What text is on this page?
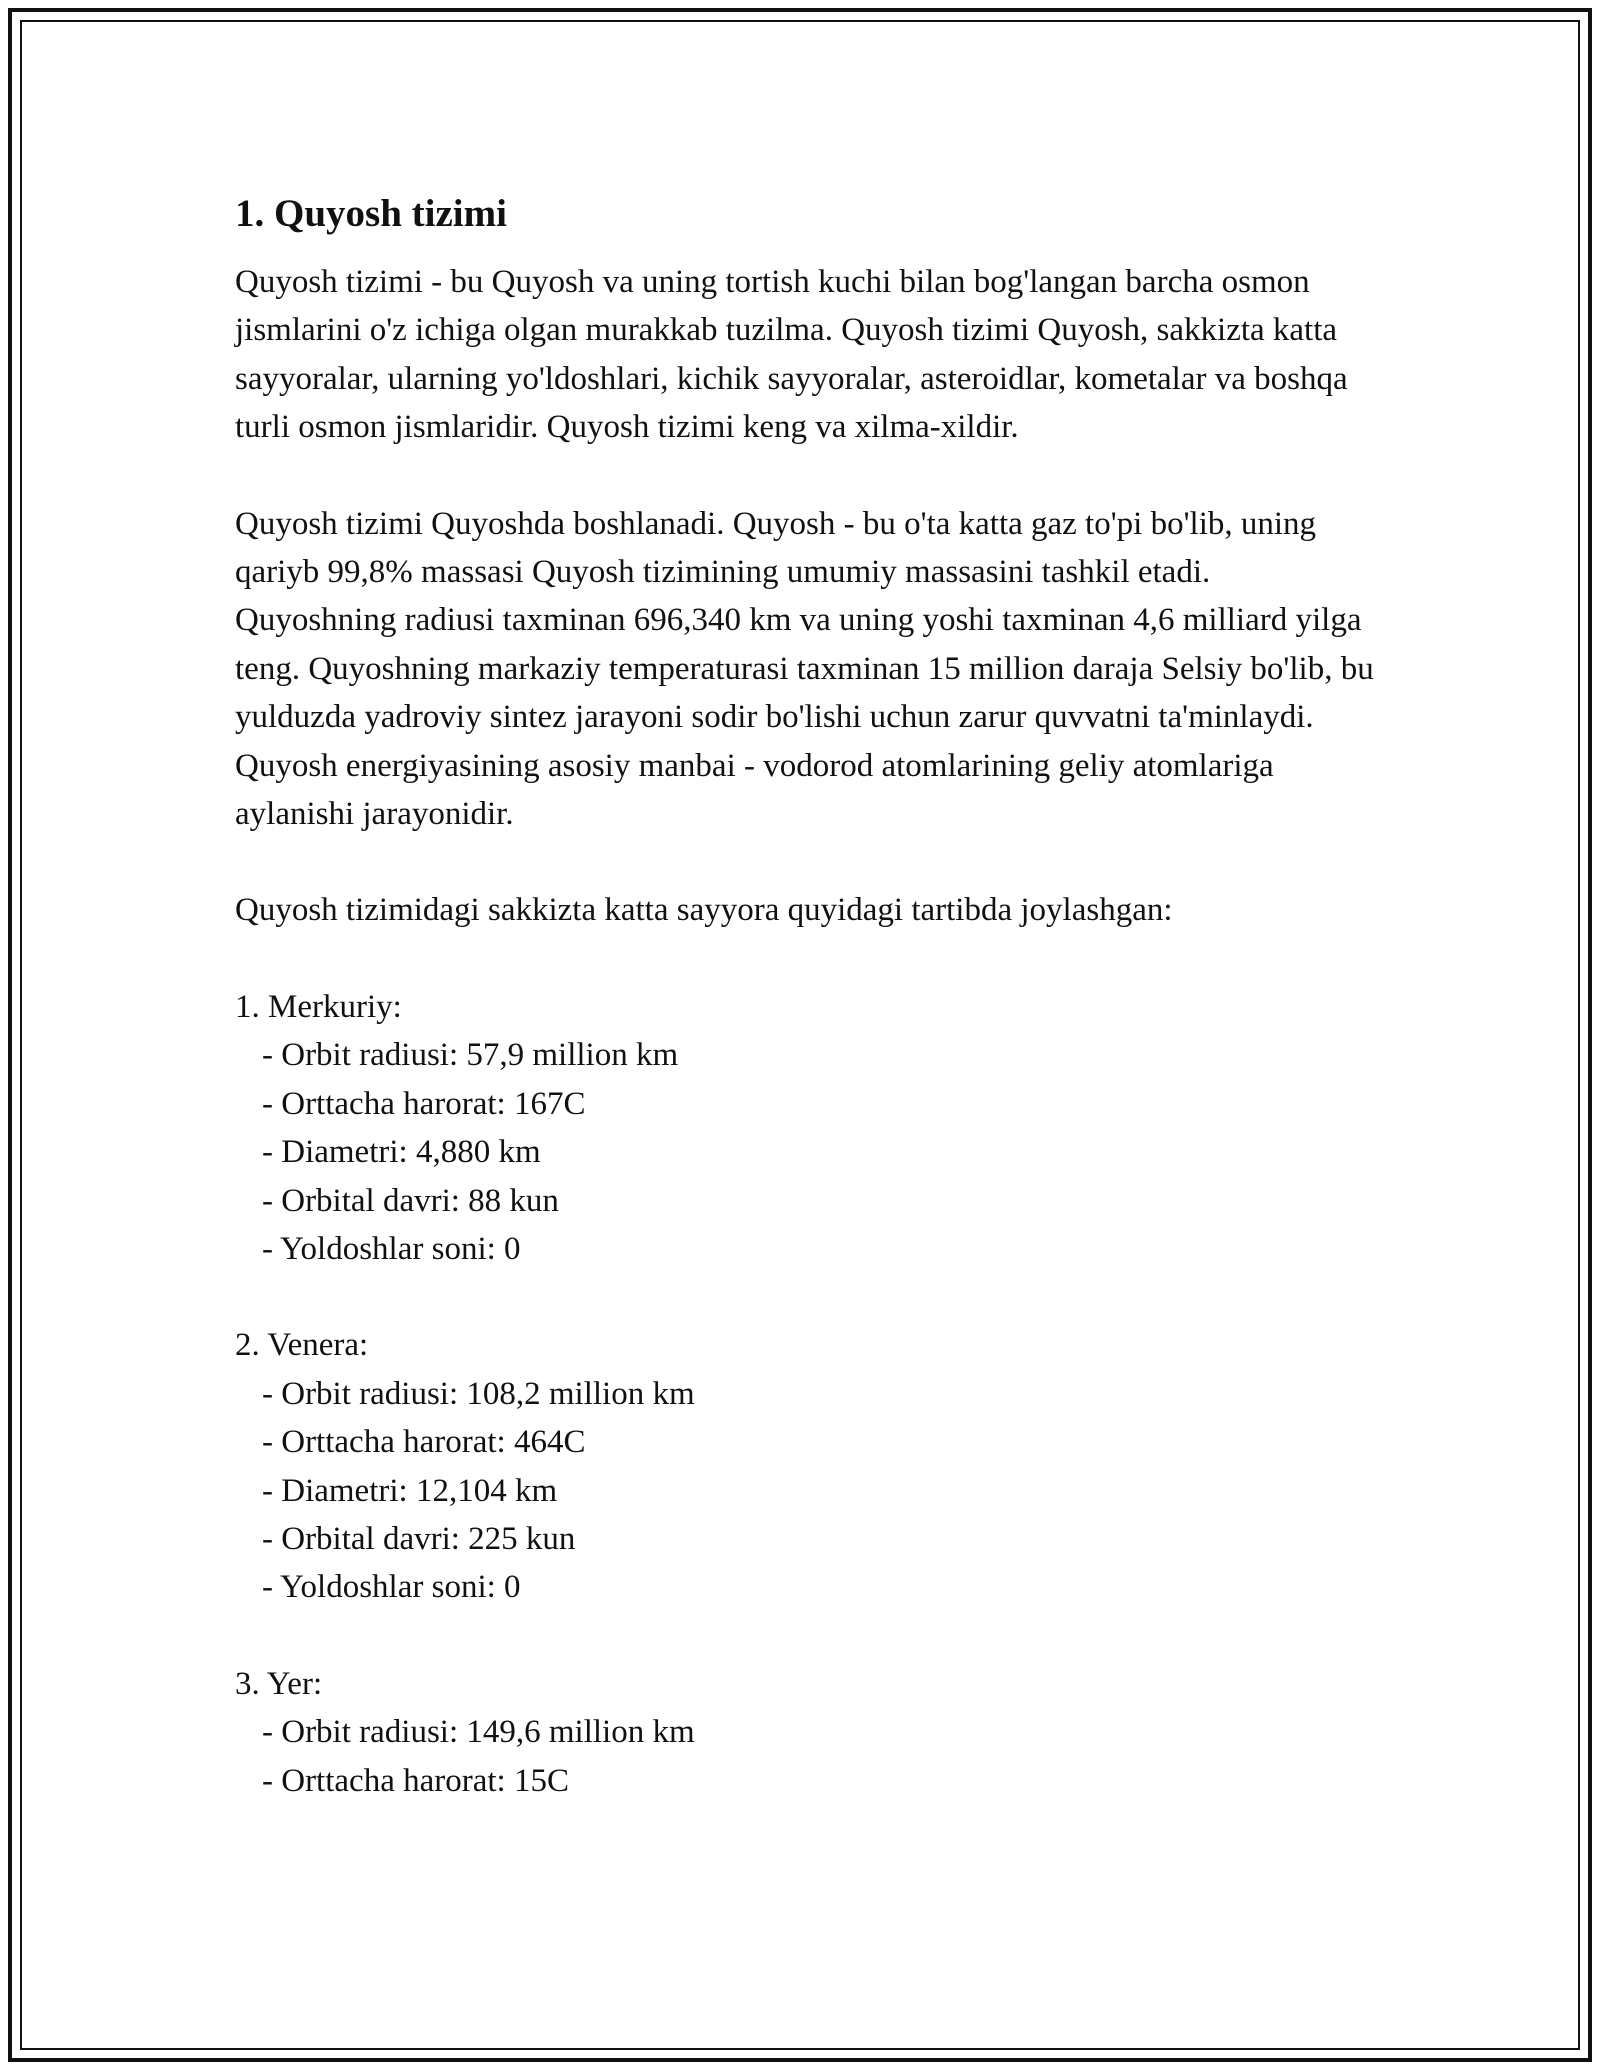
1. Quyosh tizimi

Quyosh tizimi - bu Quyosh va uning tortish kuchi bilan bog'langan barcha osmon jismlarini o'z ichiga olgan murakkab tuzilma. Quyosh tizimi Quyosh, sakkizta katta sayyoralar, ularning yo'ldoshlari, kichik sayyoralar, asteroidlar, kometalar va boshqa turli osmon jismlaridir. Quyosh tizimi keng va xilma-xildir.

Quyosh tizimi Quyoshda boshlanadi. Quyosh - bu o'ta katta gaz to'pi bo'lib, uning qariyb 99,8% massasi Quyosh tizimining umumiy massasini tashkil etadi. Quyoshning radiusi taxminan 696,340 km va uning yoshi taxminan 4,6 milliard yilga teng. Quyoshning markaziy temperaturasi taxminan 15 million daraja Selsiy bo'lib, bu yulduzda yadroviy sintez jarayoni sodir bo'lishi uchun zarur quvvatni ta'minlaydi. Quyosh energiyasining asosiy manbai - vodorod atomlarining geliy atomlariga aylanishi jarayonidir.

Quyosh tizimidagi sakkizta katta sayyora quyidagi tartibda joylashgan:

1. Merkuriy:

- Orbit radiusi: 57,9 million km
- Orttacha harorat: 167C
- Diametri: 4,880 km
- Orbital davri: 88 kun
- Yoldoshlar soni: 0

2. Venera:

- Orbit radiusi: 108,2 million km
- Orttacha harorat: 464C
- Diametri: 12,104 km
- Orbital davri: 225 kun
- Yoldoshlar soni: 0

3. Yer:

- Orbit radiusi: 149,6 million km
- Orttacha harorat: 15C
